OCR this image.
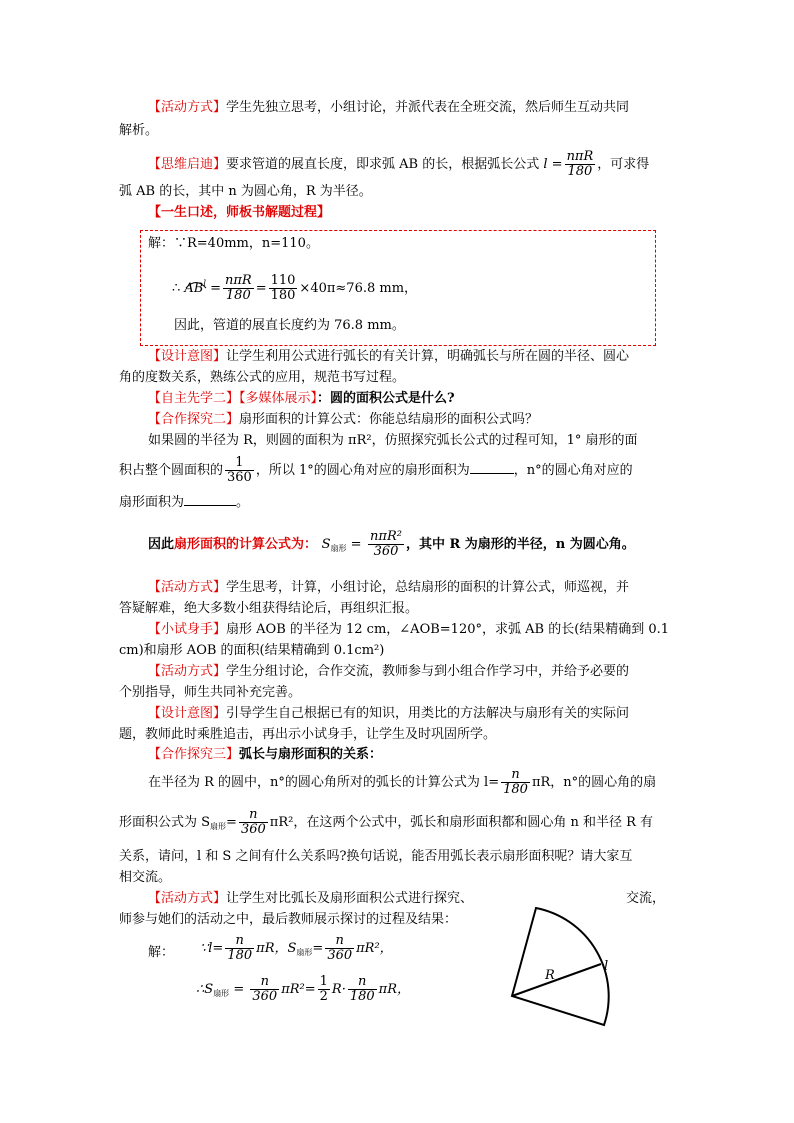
【活动方式】学生先独立思考，小组讨论，并派代表在全班交流，然后师生互动共同
解析。
【思维启迪】要求管道的展直长度，即求弧 AB 的长，根据弧长公式 $l = \frac{\text{nπR}}{180}$ ，可求得
弧 AB 的长，其中 n 为圆心角，R 为半径。
【一生口述，师板书解题过程】
解：∵R=40mm，n=110。
∴ $AB^l$
= $\frac{\text{nπR}}{180} = \frac{110}{180} \times 40\pi\approx 76.8$ mm，
因此，管道的展直长度约为 76.8 mm。
【设计意图】让学生利用公式进行弧长的有关计算，明确弧长与所在圆的半径、圆心
角的度数关系，熟练公式的应用，规范书写过程。
【自主先学二】【多媒体展示】：圆的面积公式是什么?
【合作探究二】扇形面积的计算公式：你能总结扇形的面积公式吗？
如果圆的半径为 R，则圆的面积为 πR²，仿照探究弧长公式的过程可知，1° 扇形的面
积占整个圆面积的 $\frac{1}{360}$ ，所以 1°的圆心角对应的扇形面积为	，n°的圆心角对应的
扇形面积为	。
因此扇形面积的计算公式为： $S_{扇形} = \frac{\text{nπR²}}{360}$ ，其中 R 为扇形的半径，n 为圆心角。
【活动方式】学生思考，计算，小组讨论，总结扇形的面积的计算公式，师巡视，并
答疑解难，绝大多数小组获得结论后，再组织汇报。
【小试身手】扇形 AOB 的半径为 12 cm，∠AOB=120°，求弧 AB 的长(结果精确到 0.1
cm)和扇形 AOB 的面积(结果精确到 0.1cm²)
【活动方式】学生分组讨论，合作交流，教师参与到小组合作学习中，并给予必要的
个别指导，师生共同补充完善。
【设计意图】引导学生自己根据已有的知识，用类比的方法解决与扇形有关的实际问
题，教师此时乘胜追击，再出示小试身手，让学生及时巩固所学。
【合作探究三】弧长与扇形面积的关系：
在半径为 R 的圆中，n°的圆心角所对的弧长的计算公式为 $l= \frac{n}{180}$ πR，n°的圆心角的扇
形面积公式为 $S_{扇形}= \frac{n}{360} \pi R^2$，在这两个公式中，弧长和扇形面积都和圆心角 n 和半径 R 有
关系，请问，l 和 S 之间有什么关系吗?换句话说，能否用弧长表示扇形面积呢？请大家互
相交流。
【活动方式】让学生对比弧长及扇形面积公式进行探究、	交流，
师参与她们的活动之中，最后教师展示探讨的过程及结果：
解： ∵l= $\frac{n}{180}$ πR，$S_{扇形}= \frac{n}{360} \pi R^2$，
$\therefore S_{扇形} = \frac{n}{360} \pi R^2= \frac{1}{2} R\cdot \frac{n}{180}$ πR，
R
l
